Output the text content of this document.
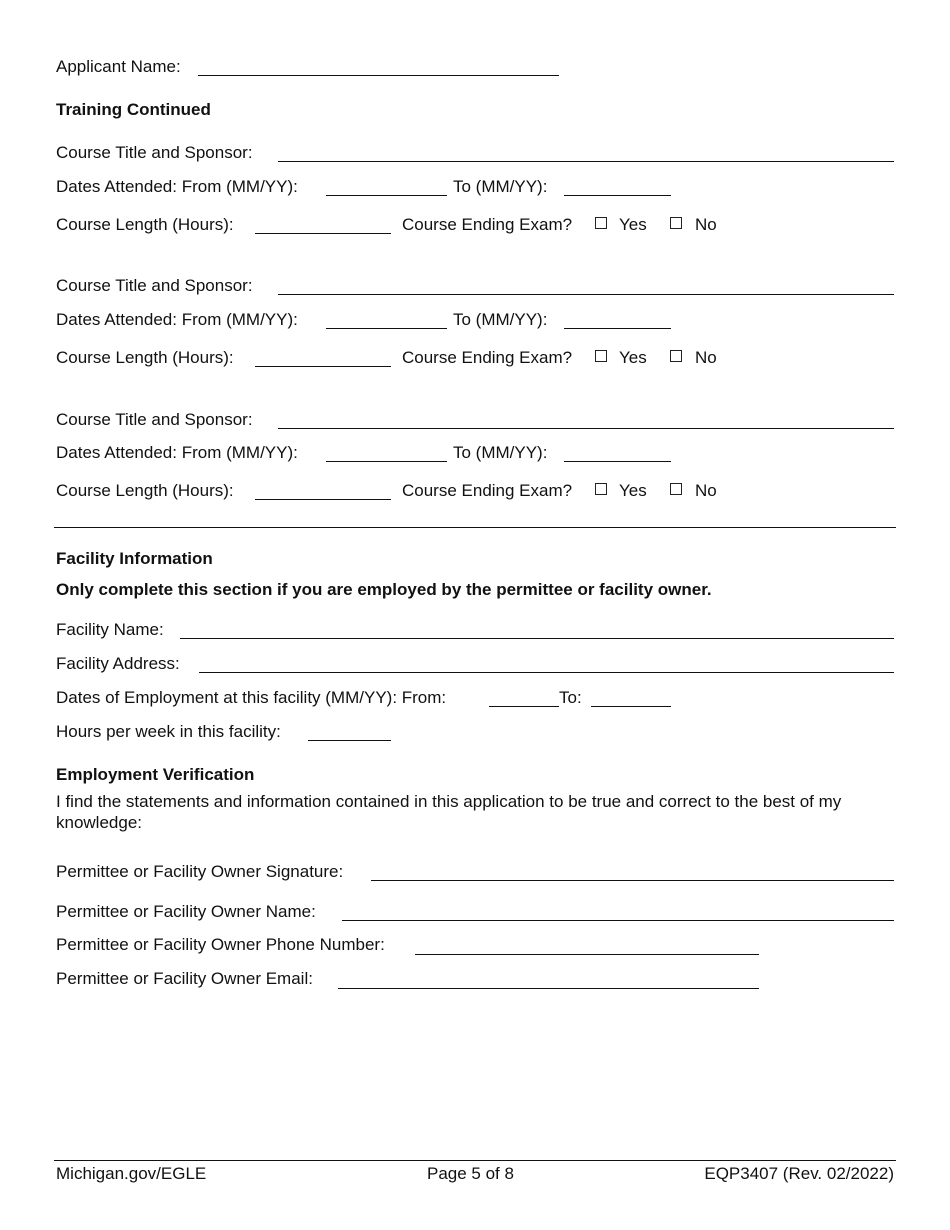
Applicant Name:
Training Continued
Course Title and Sponsor:
Dates Attended: From (MM/YY):	To (MM/YY):
Course Length (Hours):	Course Ending Exam?	Yes	No
Course Title and Sponsor:
Dates Attended: From (MM/YY):	To (MM/YY):
Course Length (Hours):	Course Ending Exam?	Yes	No
Course Title and Sponsor:
Dates Attended: From (MM/YY):	To (MM/YY):
Course Length (Hours):	Course Ending Exam?	Yes	No
Facility Information
Only complete this section if you are employed by the permittee or facility owner.
Facility Name:
Facility Address:
Dates of Employment at this facility (MM/YY): From:	To:
Hours per week in this facility:
Employment Verification
I find the statements and information contained in this application to be true and correct to the best of my knowledge:
Permittee or Facility Owner Signature:
Permittee or Facility Owner Name:
Permittee or Facility Owner Phone Number:
Permittee or Facility Owner Email:
Michigan.gov/EGLE	Page 5 of 8	EQP3407 (Rev. 02/2022)
